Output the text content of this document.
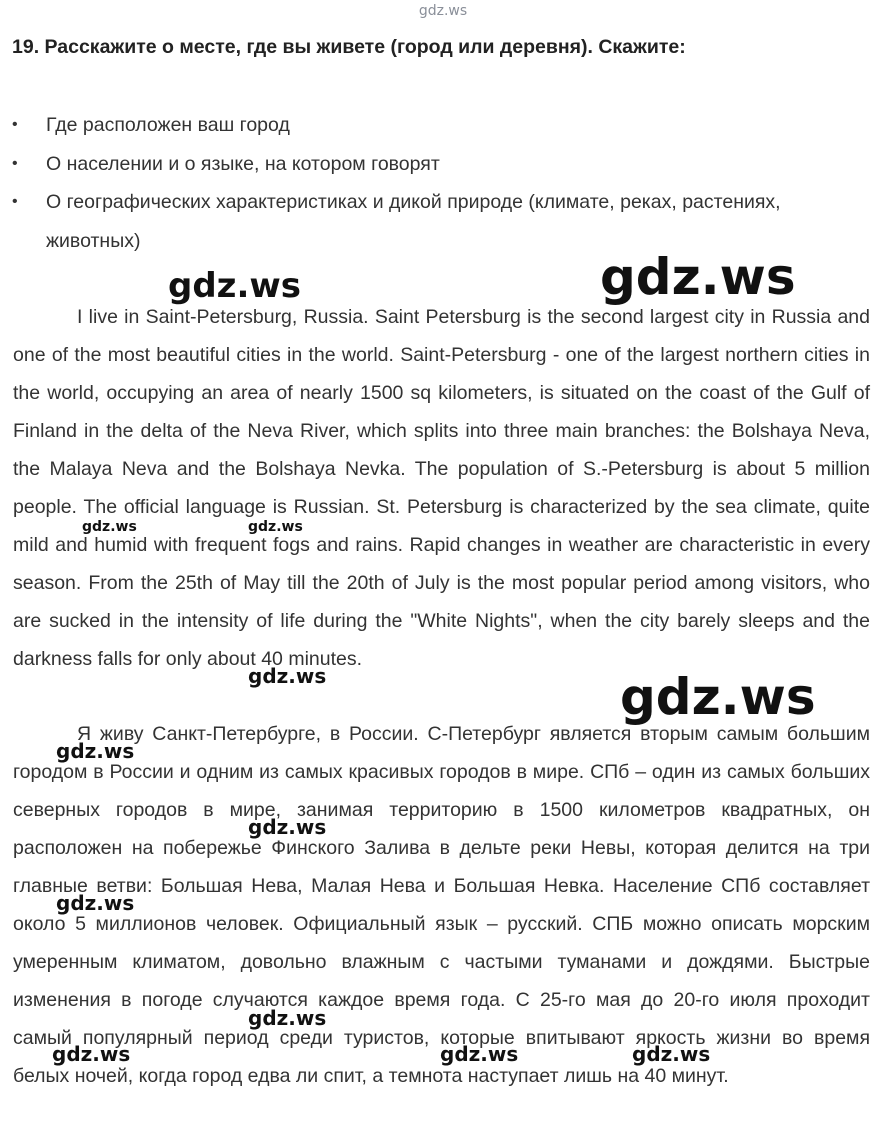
gdz.ws
19. Расскажите о месте, где вы живете (город или деревня). Скажите:
• Где расположен ваш город
• О населении и о языке, на котором говорят
• О географических характеристиках и дикой природе (климате, реках, растениях, животных)

I live in Saint-Petersburg, Russia. Saint Petersburg is the second largest city in Russia and one of the most beautiful cities in the world. Saint-Petersburg - one of the largest northern cities in the world, occupying an area of nearly 1500 sq kilometers, is situated on the coast of the Gulf of Finland in the delta of the Neva River, which splits into three main branches: the Bolshaya Neva, the Malaya Neva and the Bolshaya Nevka. The population of S.-Petersburg is about 5 million people. The official language is Russian. St. Petersburg is characterized by the sea climate, quite mild and humid with frequent fogs and rains. Rapid changes in weather are characteristic in every season. From the 25th of May till the 20th of July is the most popular period among visitors, who are sucked in the intensity of life during the "White Nights", when the city barely sleeps and the darkness falls for only about 40 minutes.

Я живу Санкт-Петербурге, в России. С-Петербург является вторым самым большим городом в России и одним из самых красивых городов в мире. СПб – один из самых больших северных городов в мире, занимая территорию в 1500 километров квадратных, он расположен на побережье Финского Залива в дельте реки Невы, которая делится на три главные ветви: Большая Нева, Малая Нева и Большая Невка. Население СПб составляет около 5 миллионов человек. Официальный язык – русский. СПБ можно описать морским умеренным климатом, довольно влажным с частыми туманами и дождями. Быстрые изменения в погоде случаются каждое время года. С 25-го мая до 20-го июля проходит самый популярный период среди туристов, которые впитывают яркость жизни во время белых ночей, когда город едва ли спит, а темнота наступает лишь на 40 минут.

gdz.ws	gdz.ws
gdz.ws	gdz.ws
gdz.ws	gdz.ws
gdz.ws
gdz.ws
gdz.ws
gdz.ws
gdz.ws	gdz.ws	gdz.ws
